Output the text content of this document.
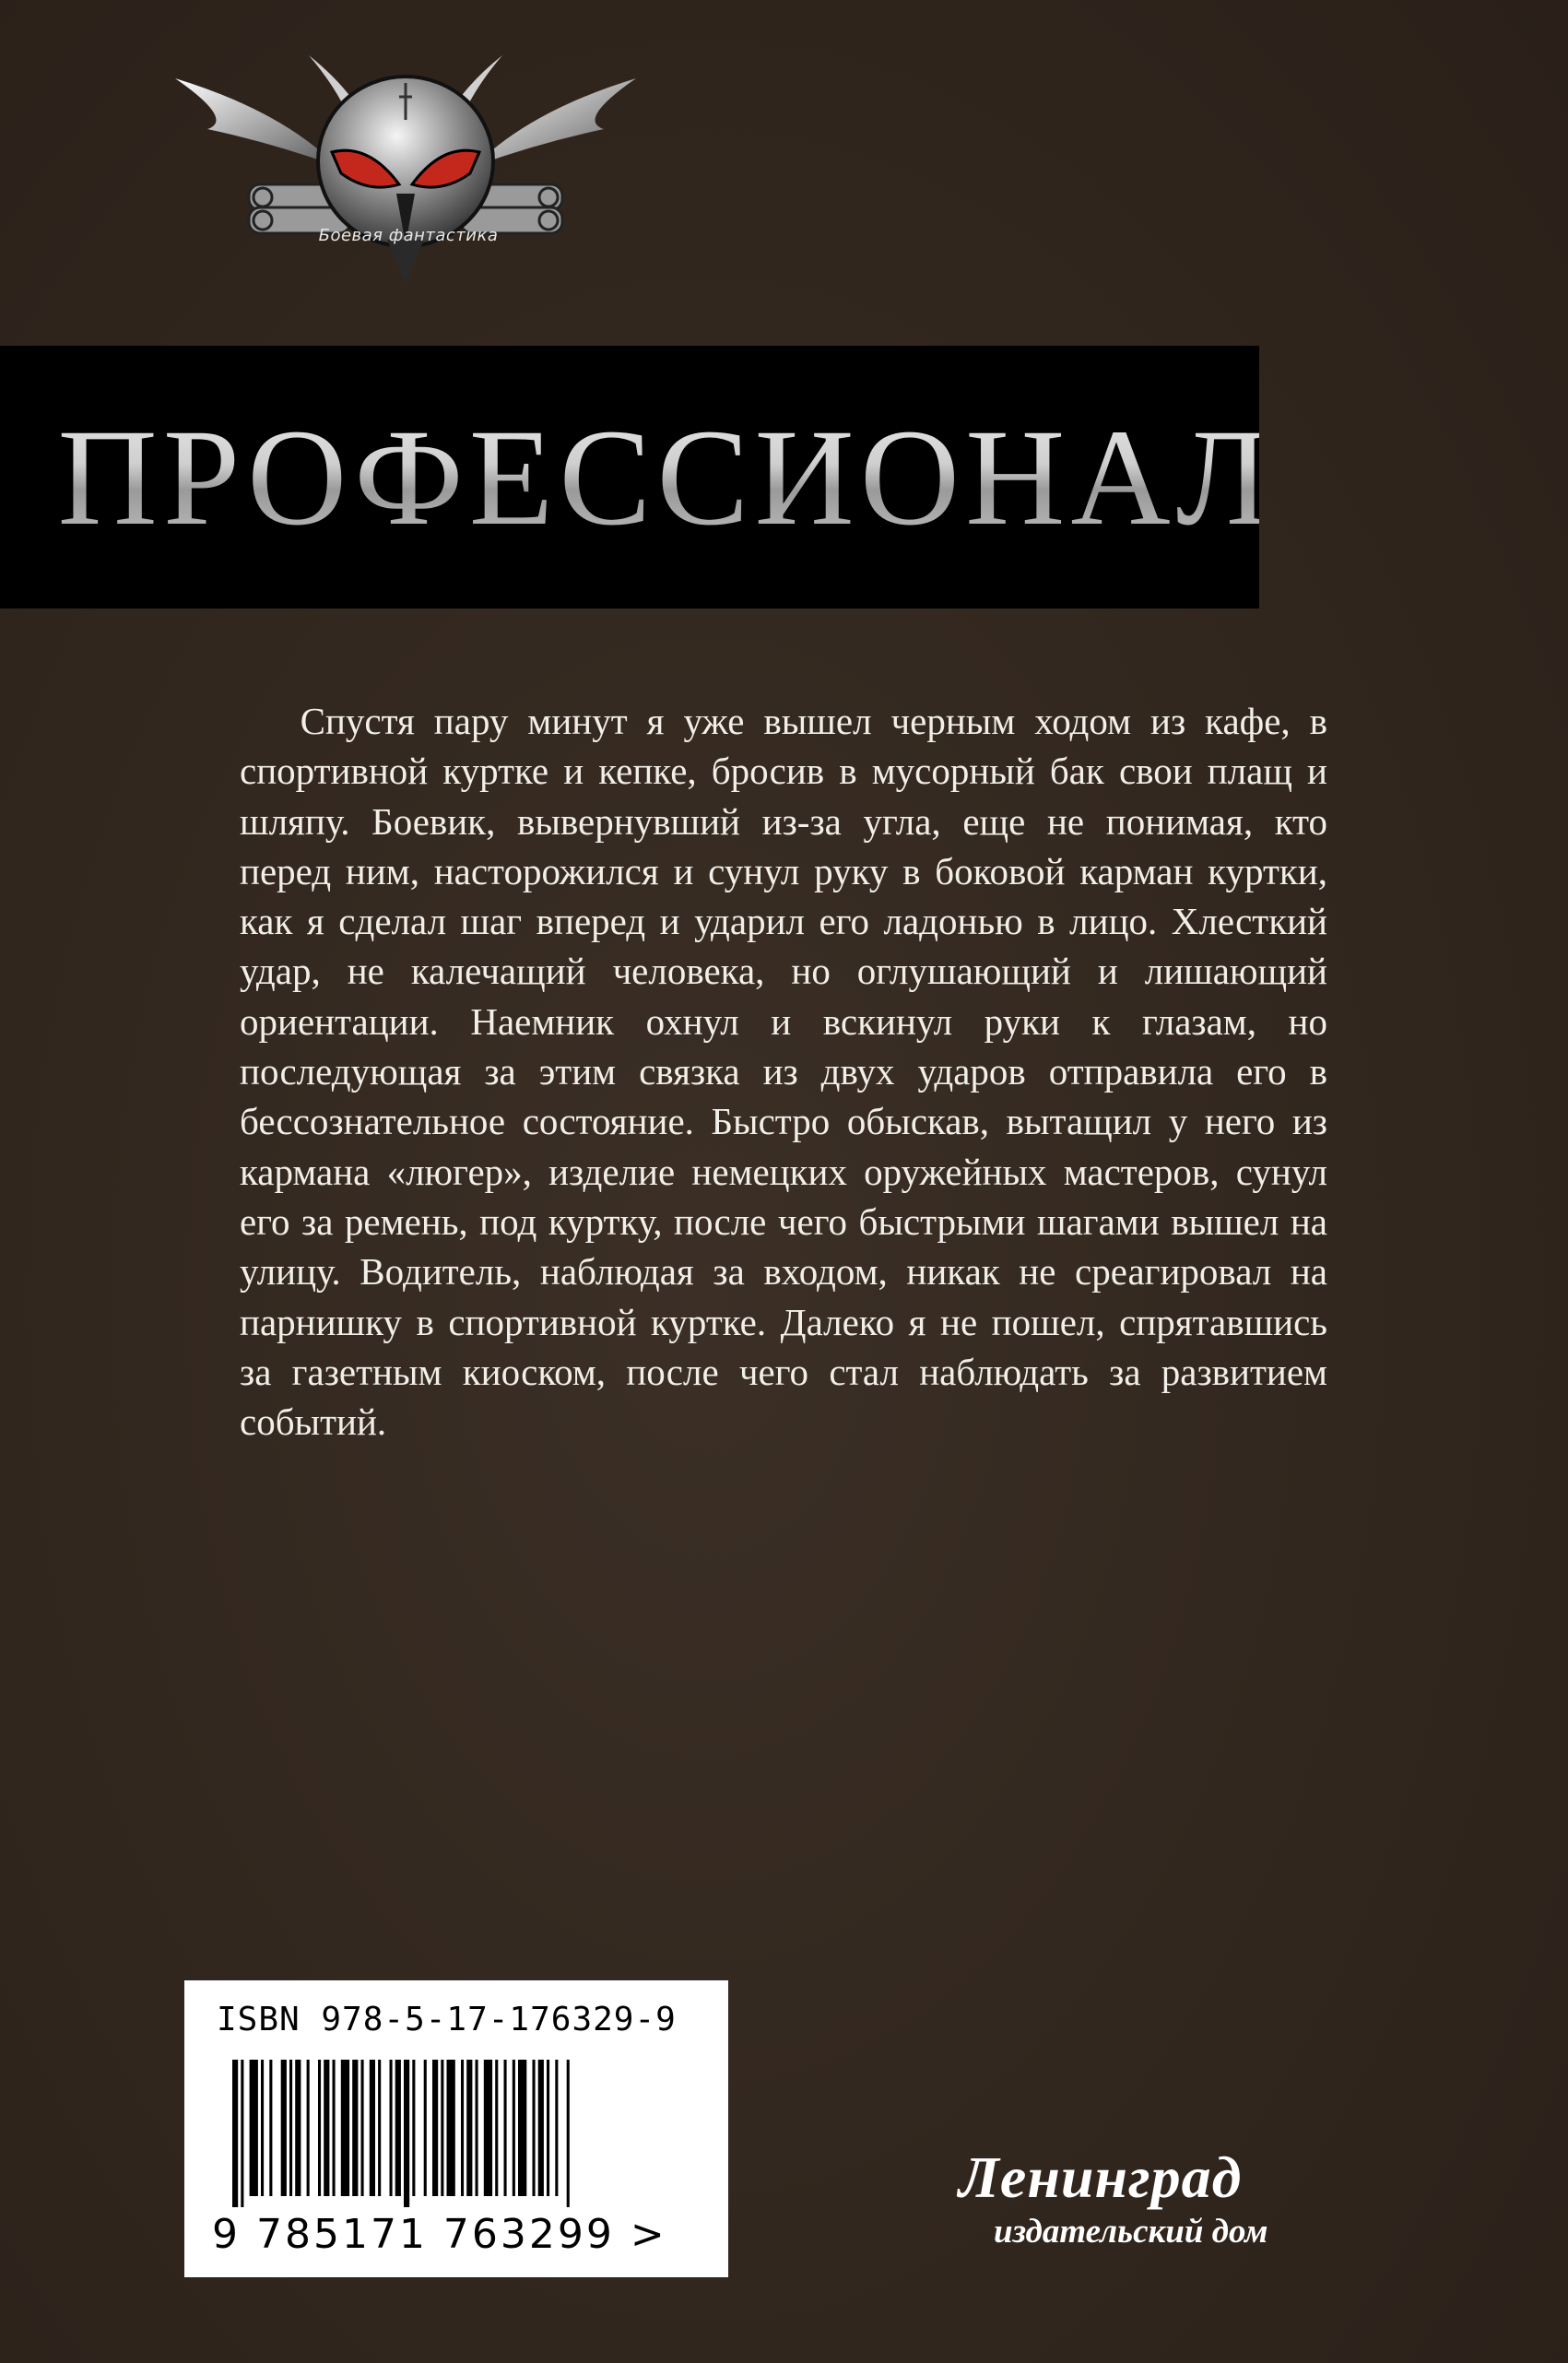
Боевая фантастика
ПРОФЕССИОНАЛ
Спустя пару минут я уже вышел черным ходом из кафе, в спортивной куртке и кепке, бросив в мусорный бак свои плащ и шляпу. Боевик, вывернувший из-за угла, еще не понимая, кто перед ним, насторожился и сунул руку в боковой карман куртки, как я сделал шаг вперед и ударил его ладонью в лицо. Хлесткий удар, не калечащий человека, но оглушающий и лишающий ориентации. Наемник охнул и вскинул руки к глазам, но последующая за этим связка из двух ударов отправила его в бессознательное состояние. Быстро обыскав, вытащил у него из кармана «люгер», изделие немецких оружейных мастеров, сунул его за ремень, под куртку, после чего быстрыми шагами вышел на улицу. Водитель, наблюдая за входом, никак не среагировал на парнишку в спортивной куртке. Далеко я не пошел, спрятавшись за газетным киоском, после чего стал наблюдать за развитием событий.
ISBN 978-5-17-176329-9
9 785171 763299 >
Ленинград
издательский дом
